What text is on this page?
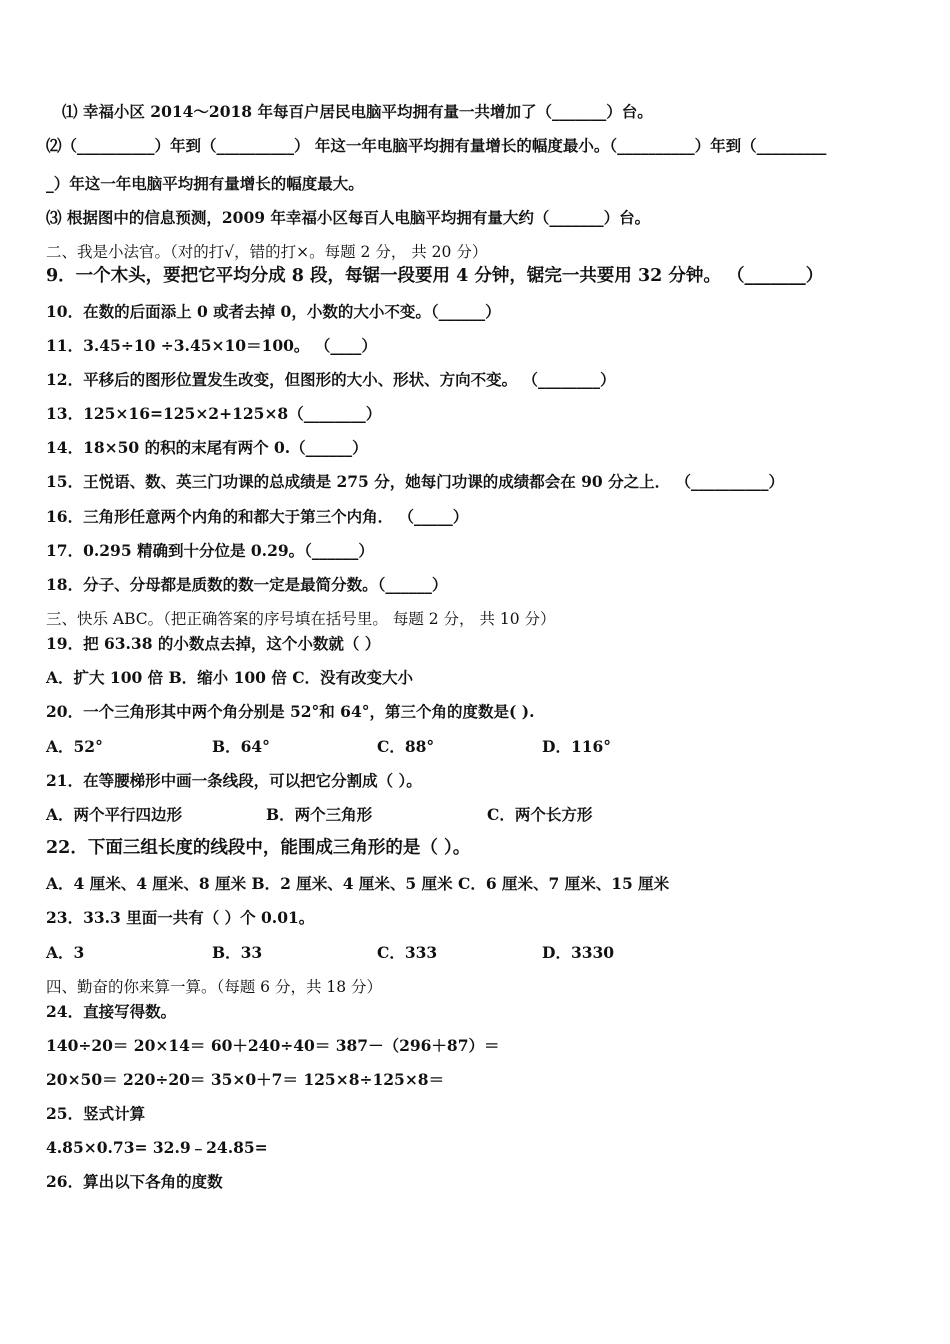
⑴ 幸福小区 2014～2018 年每百户居民电脑平均拥有量一共增加了（_______）台。
⑵（__________）年到（__________） 年这一年电脑平均拥有量增长的幅度最小。（__________）年到（_________
_）年这一年电脑平均拥有量增长的幅度最大。
⑶ 根据图中的信息预测，2009 年幸福小区每百人电脑平均拥有量大约（_______）台。
二、我是小法官。（对的打√，错的打×。每题 2 分， 共 20 分）
9．一个木头，要把它平均分成 8 段，每锯一段要用 4 分钟，锯完一共要用 32 分钟。 （_______）
10．在数的后面添上 0 或者去掉 0，小数的大小不变。（______）
11．3.45÷10 ÷3.45×10＝100。 （____）
12．平移后的图形位置发生改变，但图形的大小、形状、方向不变。 （________）
13．125×16=125×2+125×8（________）
14．18×50 的积的末尾有两个 0.（______）
15．王悦语、数、英三门功课的总成绩是 275 分，她每门功课的成绩都会在 90 分之上． （__________）
16．三角形任意两个内角的和都大于第三个内角． （_____）
17．0.295 精确到十分位是 0.29。（______）
18．分子、分母都是质数的数一定是最简分数。（______）
三、快乐 ABC。（把正确答案的序号填在括号里。 每题 2 分， 共 10 分）
19．把 63.38 的小数点去掉，这个小数就（ ）
A．扩大 100 倍 B．缩小 100 倍 C．没有改变大小
20．一个三角形其中两个角分别是 52°和 64°，第三个角的度数是( ).
A．52°	B．64°	C．88°	D．116°
21．在等腰梯形中画一条线段，可以把它分割成（ ）。
A．两个平行四边形	B．两个三角形	C．两个长方形
22．下面三组长度的线段中，能围成三角形的是（ ）。
A．4 厘米、4 厘米、8 厘米 B．2 厘米、4 厘米、5 厘米 C．6 厘米、7 厘米、15 厘米
23．33.3 里面一共有（ ）个 0.01。
A．3	B．33	C．333	D．3330
四、勤奋的你来算一算。（每题 6 分，共 18 分）
24．直接写得数。
140÷20＝ 20×14＝ 60＋240÷40＝ 387－（296＋87）＝
20×50＝ 220÷20＝ 35×0＋7＝ 125×8÷125×8＝
25．竖式计算
4.85×0.73= 32.9﹣24.85=
26．算出以下各角的度数
